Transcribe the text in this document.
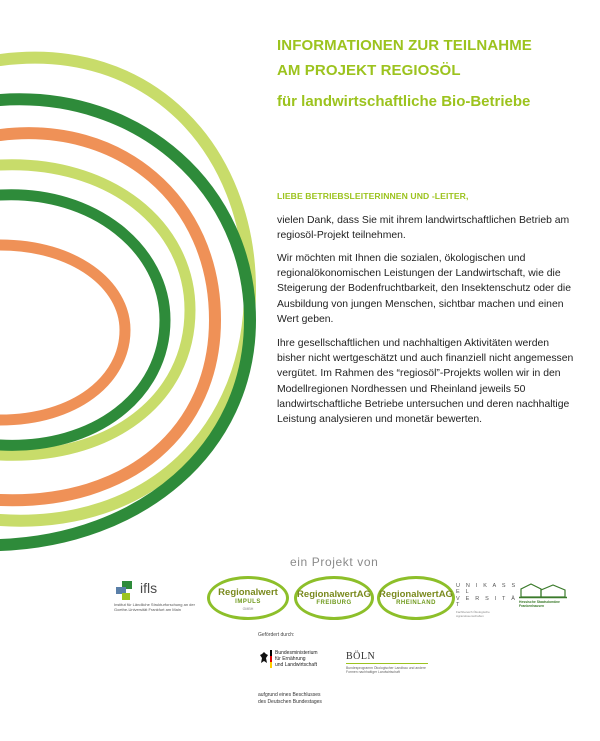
INFORMATIONEN ZUR TEILNAHME
AM PROJEKT REGIOSÖL
für landwirtschaftliche Bio-Betriebe
LIEBE BETRIEBSLEITERINNEN UND -LEITER,

vielen Dank, dass Sie mit ihrem landwirtschaftlichen Betrieb am regiosöl-Projekt teilnehmen.

Wir möchten mit Ihnen die sozialen, ökologischen und regionalökonomischen Leistungen der Landwirtschaft, wie die Steigerung der Bodenfruchtbarkeit, den Insektenschutz oder die Ausbildung von jungen Menschen, sichtbar machen und einen Wert geben.

Ihre gesellschaftlichen und nachhaltigen Aktivitäten werden bisher nicht wertgeschätzt und auch finanziell nicht angemessen vergütet. Im Rahmen des “regiosöl”-Projekts wollen wir in den Modellregionen Nordhessen und Rheinland jeweils 50 landwirtschaftliche Betriebe untersuchen und deren nachhaltige Leistung analysieren und monetär bewerten.

ein Projekt von
ifls
Institut für Ländliche Strukturforschung an der Goethe-Universität Frankfurt am Main
Regionalwert
IMPULS
GMBH
RegionalwertAG
FREIBURG
RegionalwertAG
RHEINLAND
U N I K A S S E L
V E R S I T Ä T
Fachbereich Ökologische Agrarwissenschaften
Hessische Staatsdomäne Frankenhausen
Gefördert durch:
Bundesministerium
für Ernährung
und Landwirtschaft
BÖLN
Bundesprogramm Ökologischer Landbau und andere Formen nachhaltiger Landwirtschaft
aufgrund eines Beschlusses
des Deutschen Bundestages
